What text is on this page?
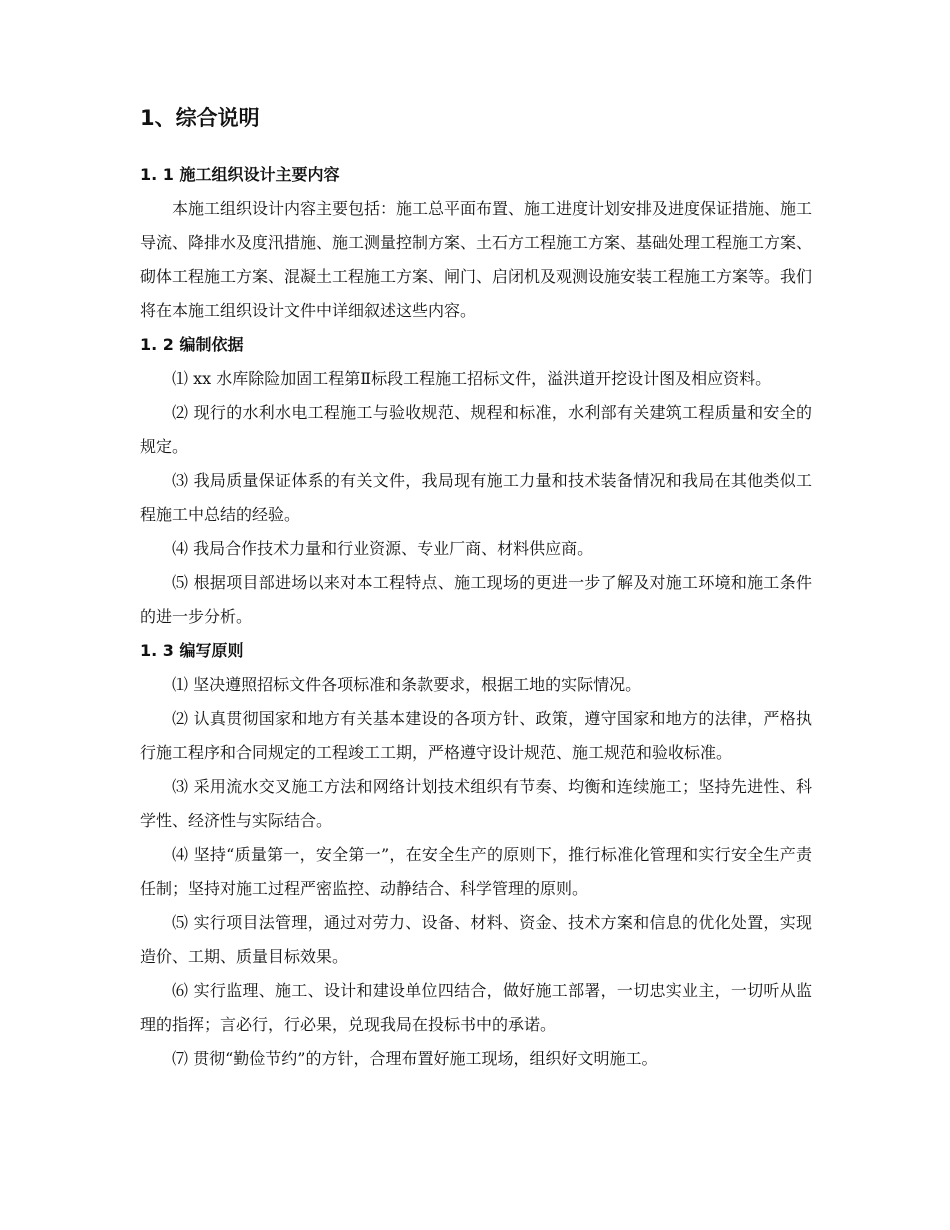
1、综合说明
1. 1 施工组织设计主要内容

本施工组织设计内容主要包括：施工总平面布置、施工进度计划安排及进度保证措施、施工导流、降排水及度汛措施、施工测量控制方案、土石方工程施工方案、基础处理工程施工方案、砌体工程施工方案、混凝土工程施工方案、闸门、启闭机及观测设施安装工程施工方案等。我们将在本施工组织设计文件中详细叙述这些内容。

1. 2 编制依据

⑴ xx 水库除险加固工程第Ⅱ标段工程施工招标文件，溢洪道开挖设计图及相应资料。

⑵ 现行的水利水电工程施工与验收规范、规程和标准，水利部有关建筑工程质量和安全的规定。

⑶ 我局质量保证体系的有关文件，我局现有施工力量和技术装备情况和我局在其他类似工程施工中总结的经验。

⑷ 我局合作技术力量和行业资源、专业厂商、材料供应商。

⑸ 根据项目部进场以来对本工程特点、施工现场的更进一步了解及对施工环境和施工条件的进一步分析。

1. 3 编写原则

⑴ 坚决遵照招标文件各项标准和条款要求，根据工地的实际情况。

⑵ 认真贯彻国家和地方有关基本建设的各项方针、政策，遵守国家和地方的法律，严格执行施工程序和合同规定的工程竣工工期，严格遵守设计规范、施工规范和验收标准。

⑶ 采用流水交叉施工方法和网络计划技术组织有节奏、均衡和连续施工；坚持先进性、科学性、经济性与实际结合。

⑷ 坚持“质量第一，安全第一”，在安全生产的原则下，推行标准化管理和实行安全生产责任制；坚持对施工过程严密监控、动静结合、科学管理的原则。

⑸ 实行项目法管理，通过对劳力、设备、材料、资金、技术方案和信息的优化处置，实现造价、工期、质量目标效果。

⑹ 实行监理、施工、设计和建设单位四结合，做好施工部署，一切忠实业主，一切听从监理的指挥；言必行，行必果，兑现我局在投标书中的承诺。

⑺ 贯彻“勤俭节约”的方针，合理布置好施工现场，组织好文明施工。
